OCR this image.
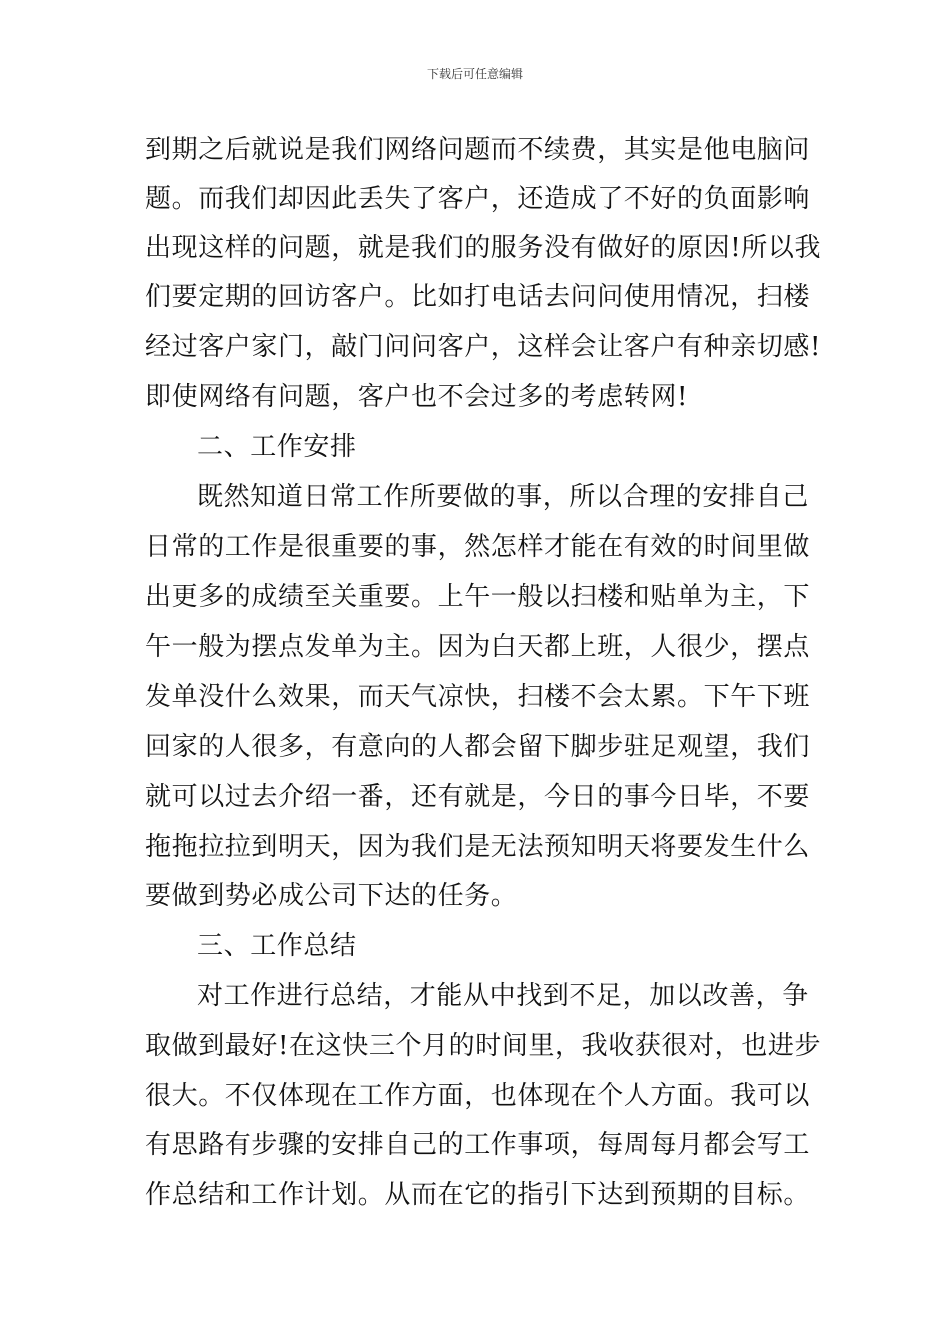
下载后可任意编辑
到期之后就说是我们网络问题而不续费，其实是他电脑问
题。而我们却因此丢失了客户，还造成了不好的负面影响
出现这样的问题，就是我们的服务没有做好的原因!所以我
们要定期的回访客户。比如打电话去问问使用情况，扫楼
经过客户家门，敲门问问客户，这样会让客户有种亲切感!
即使网络有问题，客户也不会过多的考虑转网!
二、工作安排
既然知道日常工作所要做的事，所以合理的安排自己
日常的工作是很重要的事，然怎样才能在有效的时间里做
出更多的成绩至关重要。上午一般以扫楼和贴单为主，下
午一般为摆点发单为主。因为白天都上班，人很少，摆点
发单没什么效果，而天气凉快，扫楼不会太累。下午下班
回家的人很多，有意向的人都会留下脚步驻足观望，我们
就可以过去介绍一番，还有就是，今日的事今日毕，不要
拖拖拉拉到明天，因为我们是无法预知明天将要发生什么
要做到势必成公司下达的任务。
三、工作总结
对工作进行总结，才能从中找到不足，加以改善，争
取做到最好!在这快三个月的时间里，我收获很对，也进步
很大。不仅体现在工作方面，也体现在个人方面。我可以
有思路有步骤的安排自己的工作事项，每周每月都会写工
作总结和工作计划。从而在它的指引下达到预期的目标。
